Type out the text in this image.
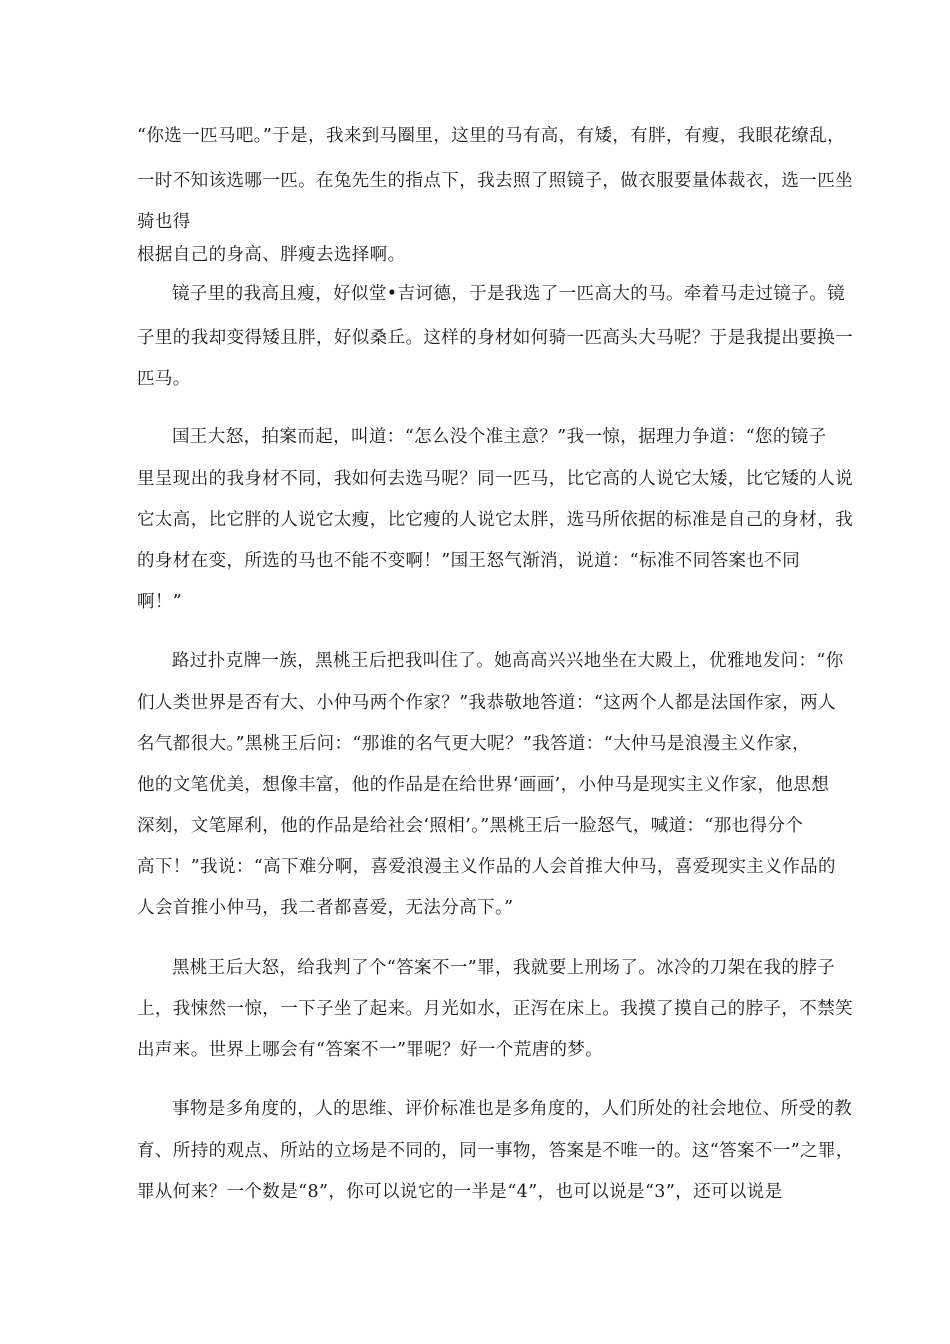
“你选一匹马吧。”于是，我来到马圈里，这里的马有高，有矮，有胖，有瘦，我眼花缭乱，
一时不知该选哪一匹。在兔先生的指点下，我去照了照镜子，做衣服要量体裁衣，选一匹坐
骑也得
根据自己的身高、胖瘦去选择啊。
镜子里的我高且瘦，好似堂•吉诃德，于是我选了一匹高大的马。牵着马走过镜子。镜
子里的我却变得矮且胖，好似桑丘。这样的身材如何骑一匹高头大马呢？于是我提出要换一
匹马。
国王大怒，拍案而起，叫道：“怎么没个准主意？”我一惊，据理力争道：“您的镜子
里呈现出的我身材不同，我如何去选马呢？同一匹马，比它高的人说它太矮，比它矮的人说
它太高，比它胖的人说它太瘦，比它瘦的人说它太胖，选马所依据的标准是自己的身材，我
的身材在变，所选的马也不能不变啊！”国王怒气渐消，说道：“标准不同答案也不同
啊！”
路过扑克牌一族，黑桃王后把我叫住了。她高高兴兴地坐在大殿上，优雅地发问：“你
们人类世界是否有大、小仲马两个作家？”我恭敬地答道：“这两个人都是法国作家，两人
名气都很大。”黑桃王后问：“那谁的名气更大呢？”我答道：“大仲马是浪漫主义作家，
他的文笔优美，想像丰富，他的作品是在给世界‘画画’，小仲马是现实主义作家，他思想
深刻，文笔犀利，他的作品是给社会‘照相’。”黑桃王后一脸怒气，喊道：“那也得分个
高下！”我说：“高下难分啊，喜爱浪漫主义作品的人会首推大仲马，喜爱现实主义作品的
人会首推小仲马，我二者都喜爱，无法分高下。”
黑桃王后大怒，给我判了个“答案不一”罪，我就要上刑场了。冰冷的刀架在我的脖子
上，我悚然一惊，一下子坐了起来。月光如水，正泻在床上。我摸了摸自己的脖子，不禁笑
出声来。世界上哪会有“答案不一”罪呢？好一个荒唐的梦。
事物是多角度的，人的思维、评价标准也是多角度的，人们所处的社会地位、所受的教
育、所持的观点、所站的立场是不同的，同一事物，答案是不唯一的。这“答案不一”之罪，
罪从何来？一个数是“8”，你可以说它的一半是“4”，也可以说是“3”，还可以说是
